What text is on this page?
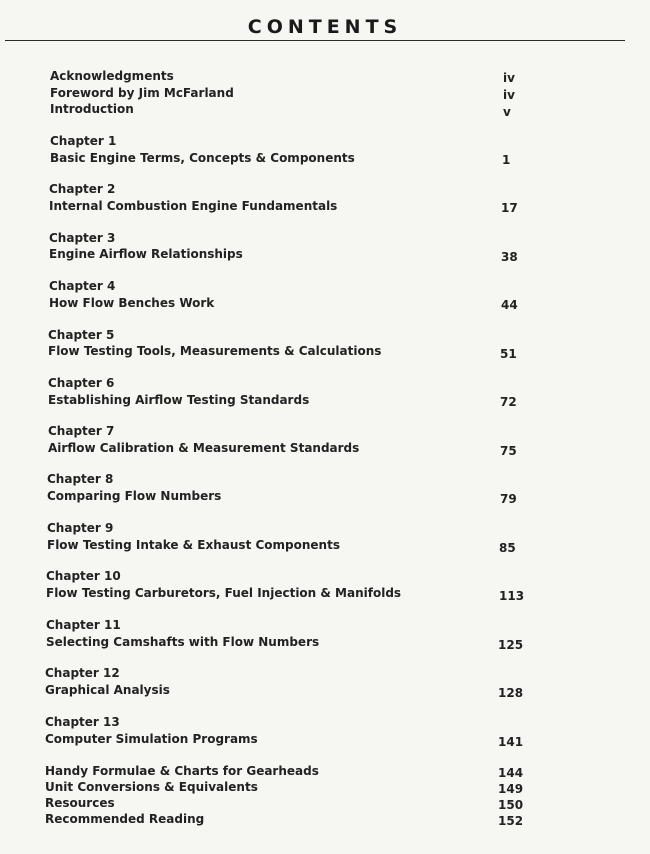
CONTENTS
Acknowledgments	iv
Foreword by Jim McFarland	iv
Introduction	v
Chapter 1
Basic Engine Terms, Concepts & Components	1
Chapter 2
Internal Combustion Engine Fundamentals	17
Chapter 3
Engine Airflow Relationships	38
Chapter 4
How Flow Benches Work	44
Chapter 5
Flow Testing Tools, Measurements & Calculations	51
Chapter 6
Establishing Airflow Testing Standards	72
Chapter 7
Airflow Calibration & Measurement Standards	75
Chapter 8
Comparing Flow Numbers	79
Chapter 9
Flow Testing Intake & Exhaust Components	85
Chapter 10
Flow Testing Carburetors, Fuel Injection & Manifolds	113
Chapter 11
Selecting Camshafts with Flow Numbers	125
Chapter 12
Graphical Analysis	128
Chapter 13
Computer Simulation Programs	141
Handy Formulae & Charts for Gearheads	144
Unit Conversions & Equivalents	149
Resources	150
Recommended Reading	152
